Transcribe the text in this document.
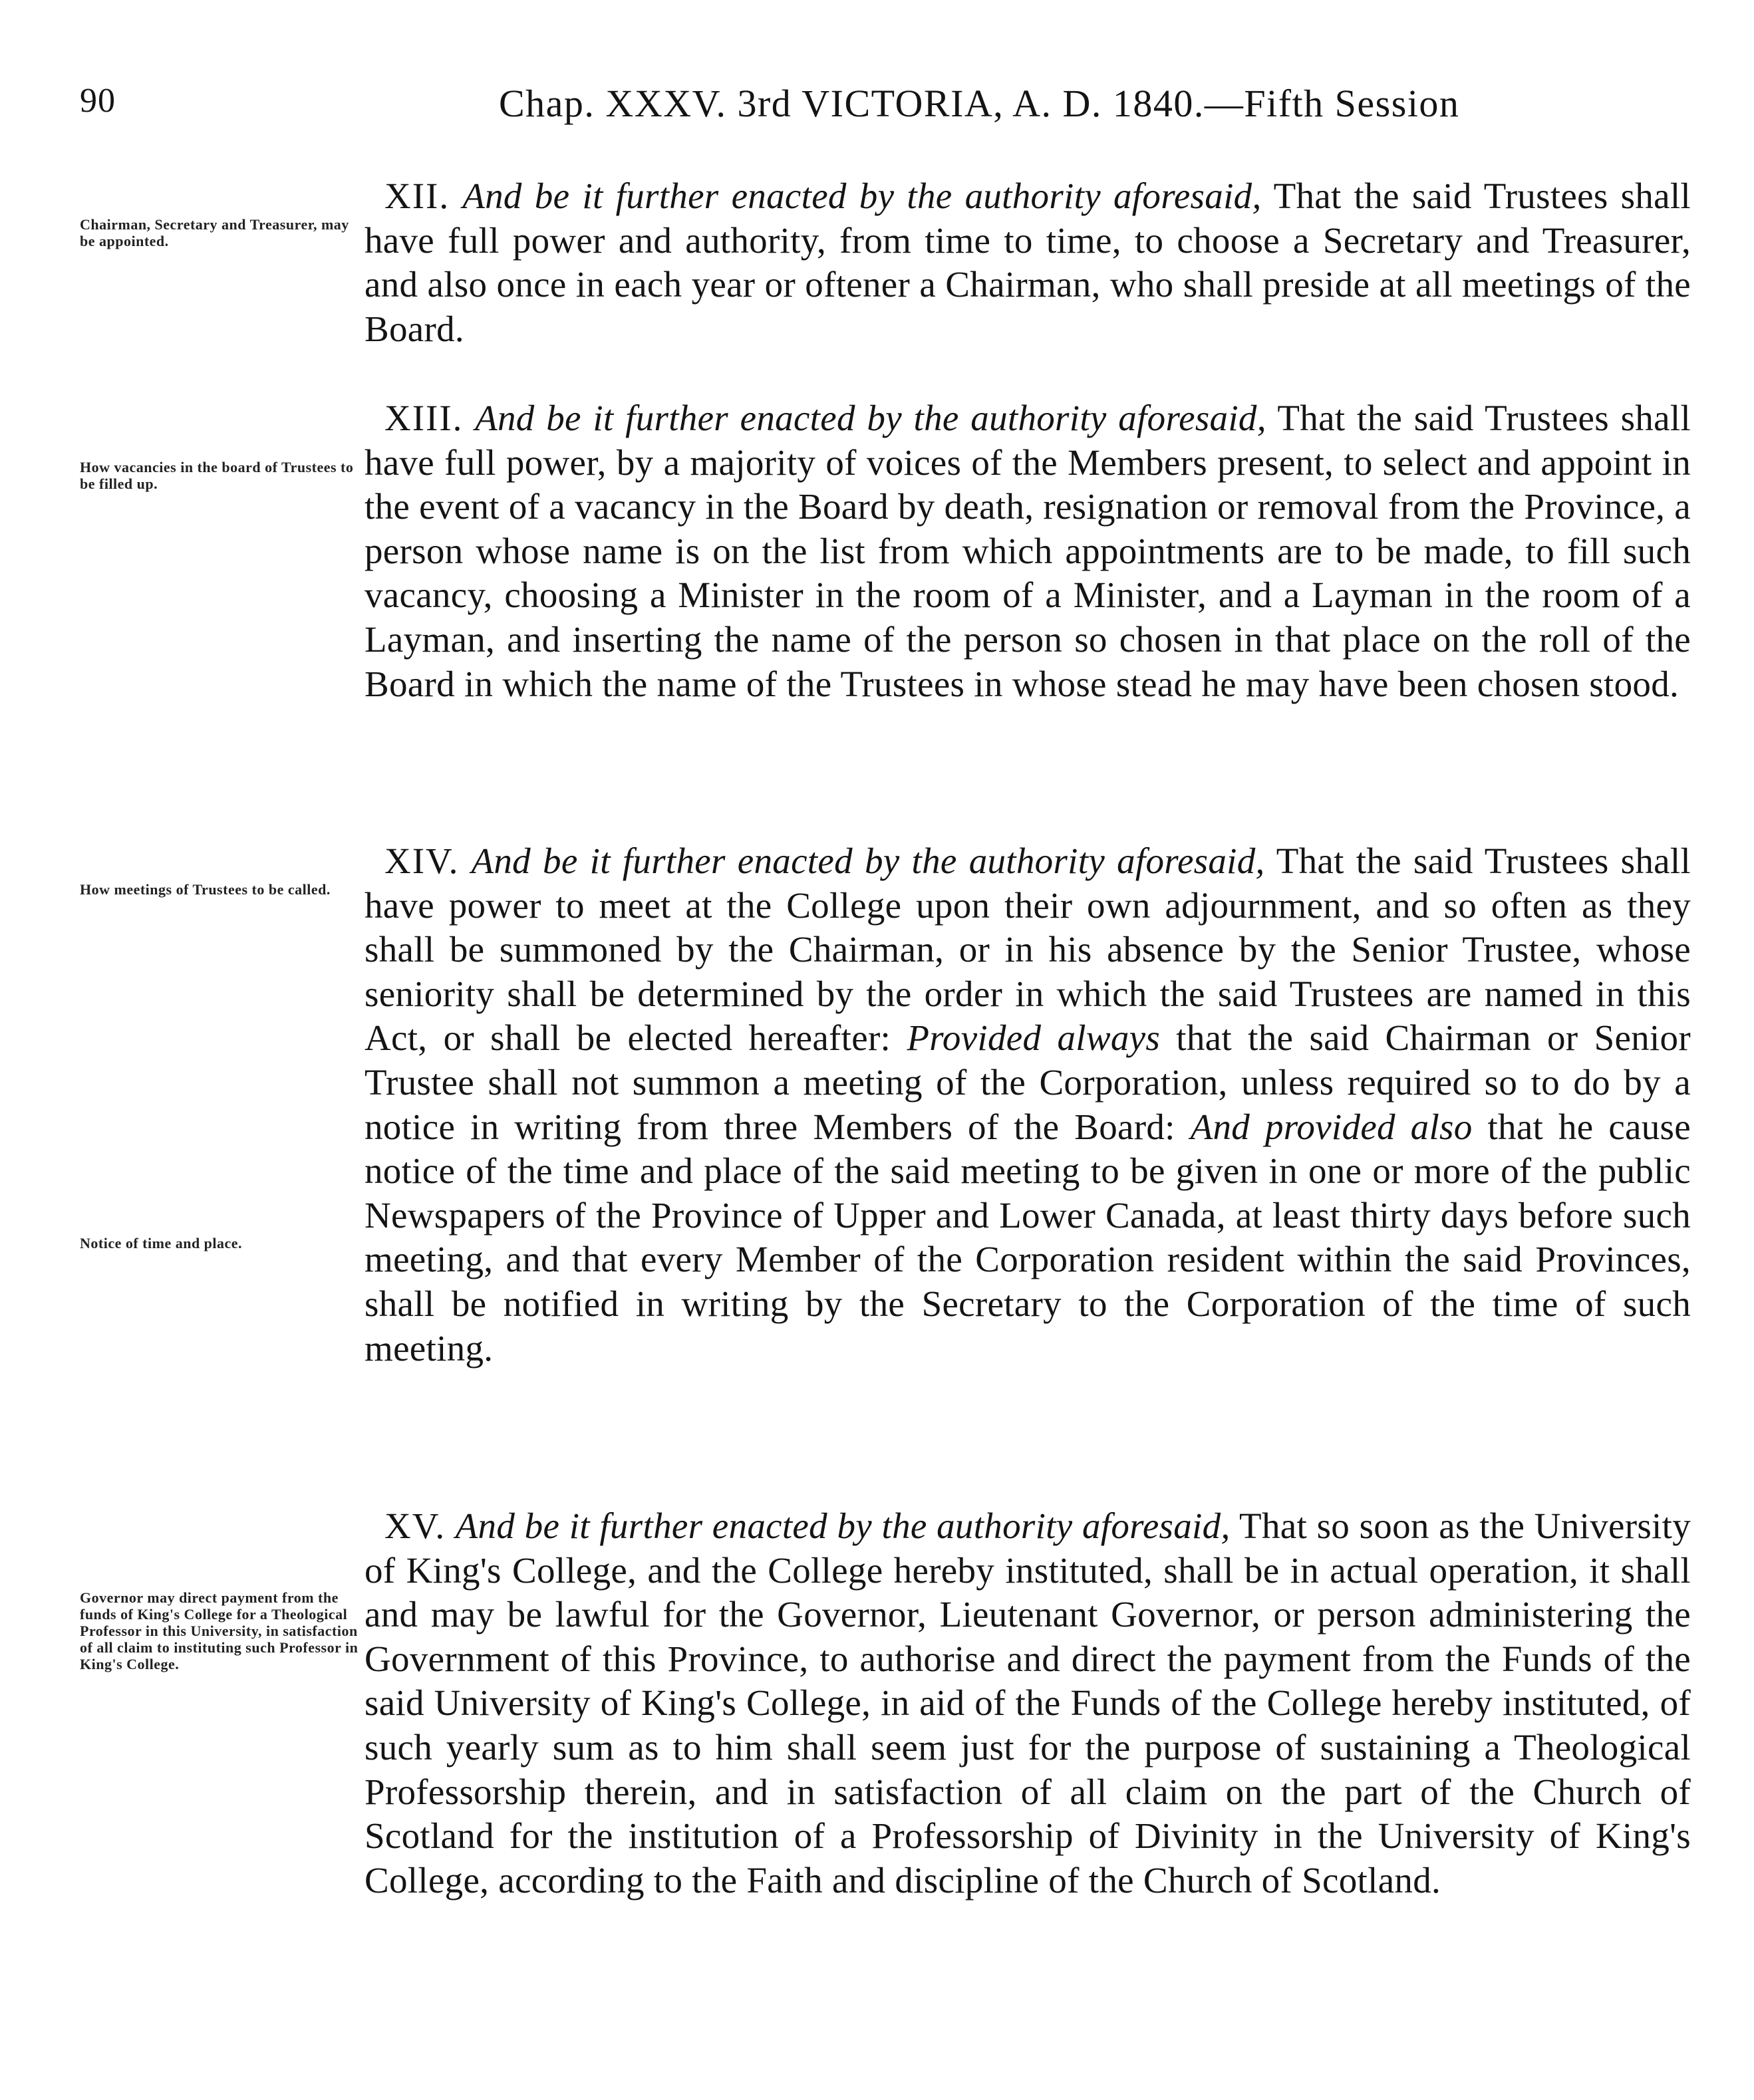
90	Chap. XXXV. 3rd VICTORIA, A. D. 1840.—Fifth Session
Chairman, Secretary and Treasurer, may be appointed.
How vacancies in the board of Trustees to be filled up.
How meetings of Trustees to be called.
Notice of time and place.
Governor may direct payment from the funds of King's College for a Theological Professor in this University, in satisfaction of all claim to instituting such Professor in King's College.

XII. And be it further enacted by the authority aforesaid, That the said Trustees shall have full power and authority, from time to time, to choose a Secretary and Treasurer, and also once in each year or oftener a Chairman, who shall preside at all meetings of the Board.

XIII. And be it further enacted by the authority aforesaid, That the said Trustees shall have full power, by a majority of voices of the Members present, to select and appoint in the event of a vacancy in the Board by death, resignation or removal from the Province, a person whose name is on the list from which appointments are to be made, to fill such vacancy, choosing a Minister in the room of a Minister, and a Layman in the room of a Layman, and inserting the name of the person so chosen in that place on the roll of the Board in which the name of the Trustees in whose stead he may have been chosen stood.

XIV. And be it further enacted by the authority aforesaid, That the said Trustees shall have power to meet at the College upon their own adjournment, and so often as they shall be summoned by the Chairman, or in his absence by the Senior Trustee, whose seniority shall be determined by the order in which the said Trustees are named in this Act, or shall be elected hereafter: Provided always that the said Chairman or Senior Trustee shall not summon a meeting of the Corporation, unless required so to do by a notice in writing from three Members of the Board: And provided also that he cause notice of the time and place of the said meeting to be given in one or more of the public Newspapers of the Province of Upper and Lower Canada, at least thirty days before such meeting, and that every Member of the Corporation resident within the said Provinces, shall be notified in writing by the Secretary to the Corporation of the time of such meeting.

XV. And be it further enacted by the authority aforesaid, That so soon as the University of King's College, and the College hereby instituted, shall be in actual operation, it shall and may be lawful for the Governor, Lieutenant Governor, or person administering the Government of this Province, to authorise and direct the payment from the Funds of the said University of King's College, in aid of the Funds of the College hereby instituted, of such yearly sum as to him shall seem just for the purpose of sustaining a Theological Professorship therein, and in satisfaction of all claim on the part of the Church of Scotland for the institution of a Professorship of Divinity in the University of King's College, according to the Faith and discipline of the Church of Scotland.
